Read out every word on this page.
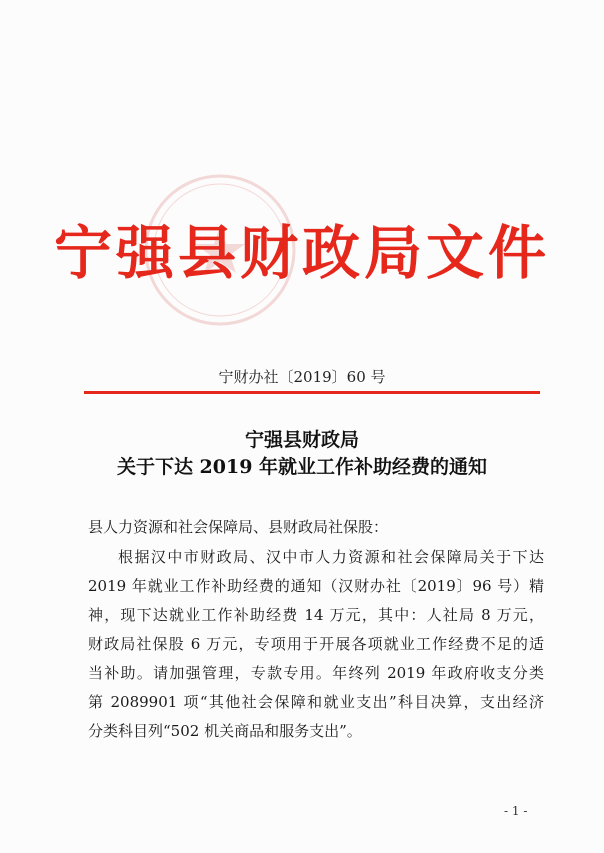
宁强县财政局文件
宁财办社〔2019〕60 号
宁强县财政局
关于下达 2019 年就业工作补助经费的通知
县人力资源和社会保障局、县财政局社保股：
根据汉中市财政局、汉中市人力资源和社会保障局关于下达
2019 年就业工作补助经费的通知（汉财办社〔2019〕96 号）精
神，现下达就业工作补助经费 14 万元，其中：人社局 8 万元，
财政局社保股 6 万元，专项用于开展各项就业工作经费不足的适
当补助。请加强管理，专款专用。年终列 2019 年政府收支分类
第 2089901 项“其他社会保障和就业支出”科目决算，支出经济
分类科目列“502 机关商品和服务支出”。
- 1 -
